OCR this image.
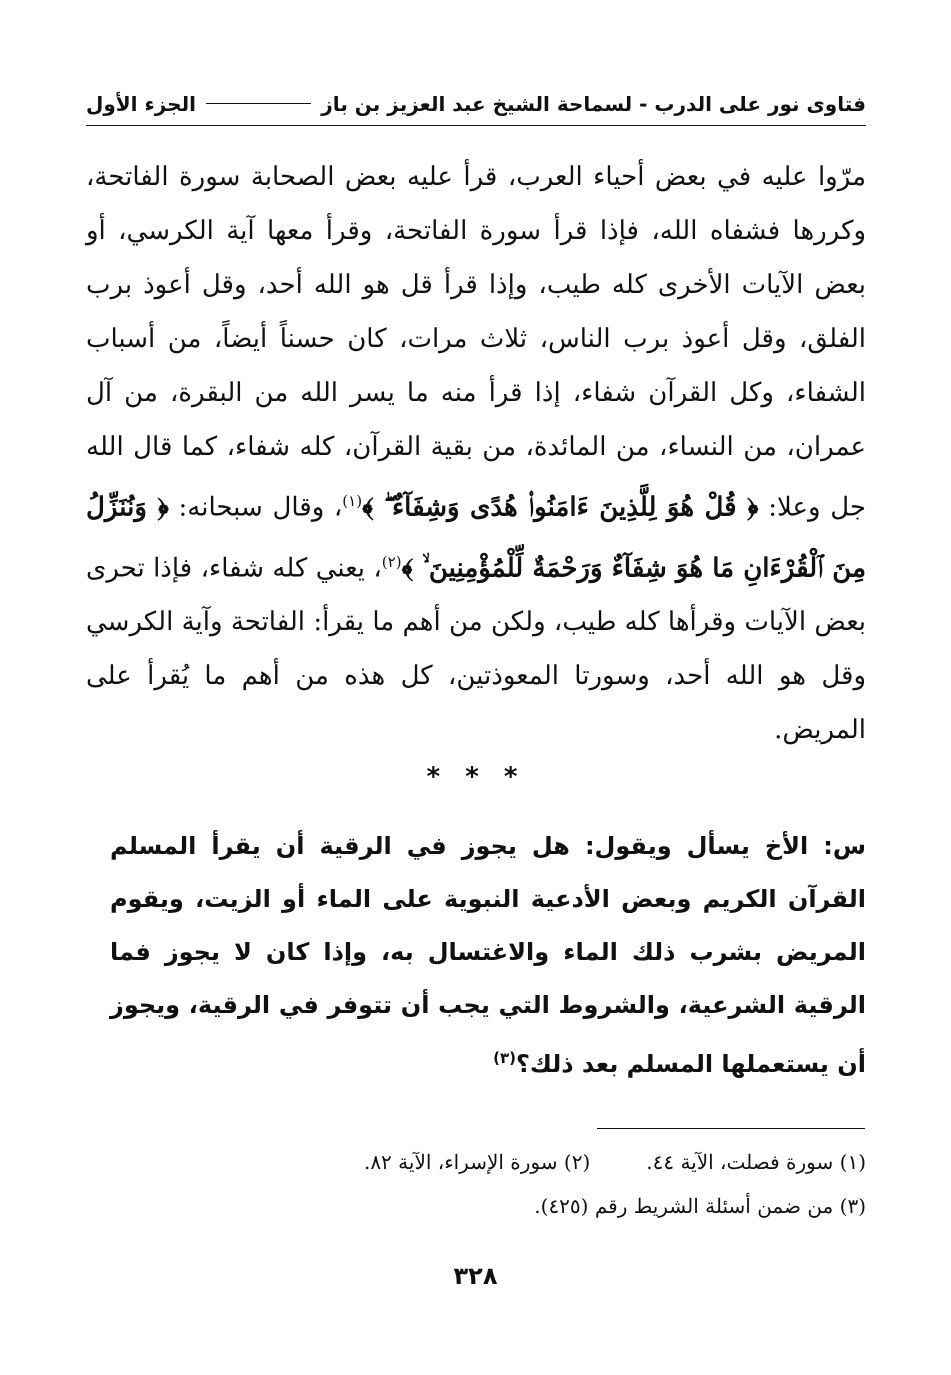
فتاوى نور على الدرب - لسماحة الشيخ عبد العزيز بن باز
الجزء الأول

مرّوا عليه في بعض أحياء العرب، قرأ عليه بعض الصحابة سورة الفاتحة، وكررها فشفاه الله، فإذا قرأ سورة الفاتحة، وقرأ معها آية الكرسي، أو بعض الآيات الأخرى كله طيب، وإذا قرأ قل هو الله أحد، وقل أعوذ برب الفلق، وقل أعوذ برب الناس، ثلاث مرات، كان حسناً أيضاً، من أسباب الشفاء، وكل القرآن شفاء، إذا قرأ منه ما يسر الله من البقرة، من آل عمران، من النساء، من المائدة، من بقية القرآن، كله شفاء، كما قال الله جل وعلا: ﴿ قُلْ هُوَ لِلَّذِينَ ءَامَنُوا۟ هُدًى وَشِفَآءٌ ۖ ﴾$^{(١)}$، وقال سبحانه: ﴿ وَنُنَزِّلُ مِنَ ٱلْقُرْءَانِ مَا هُوَ شِفَآءٌ وَرَحْمَةٌ لِّلْمُؤْمِنِينَ ۙ ﴾$^{(٢)}$، يعني كله شفاء، فإذا تحرى بعض الآيات وقرأها كله طيب، ولكن من أهم ما يقرأ: الفاتحة وآية الكرسي وقل هو الله أحد، وسورتا المعوذتين، كل هذه من أهم ما يُقرأ على المريض.

* * *
س: الأخ يسأل ويقول: هل يجوز في الرقية أن يقرأ المسلم القرآن الكريم وبعض الأدعية النبوية على الماء أو الزيت، ويقوم المريض بشرب ذلك الماء والاغتسال به، وإذا كان لا يجوز فما الرقية الشرعية، والشروط التي يجب أن تتوفر في الرقية، ويجوز أن يستعملها المسلم بعد ذلك؟$^{(٣)}$
(١) سورة فصلت، الآية ٤٤.
(٢) سورة الإسراء، الآية ٨٢.
(٣) من ضمن أسئلة الشريط رقم (٤٢٥).
٣٢٨
